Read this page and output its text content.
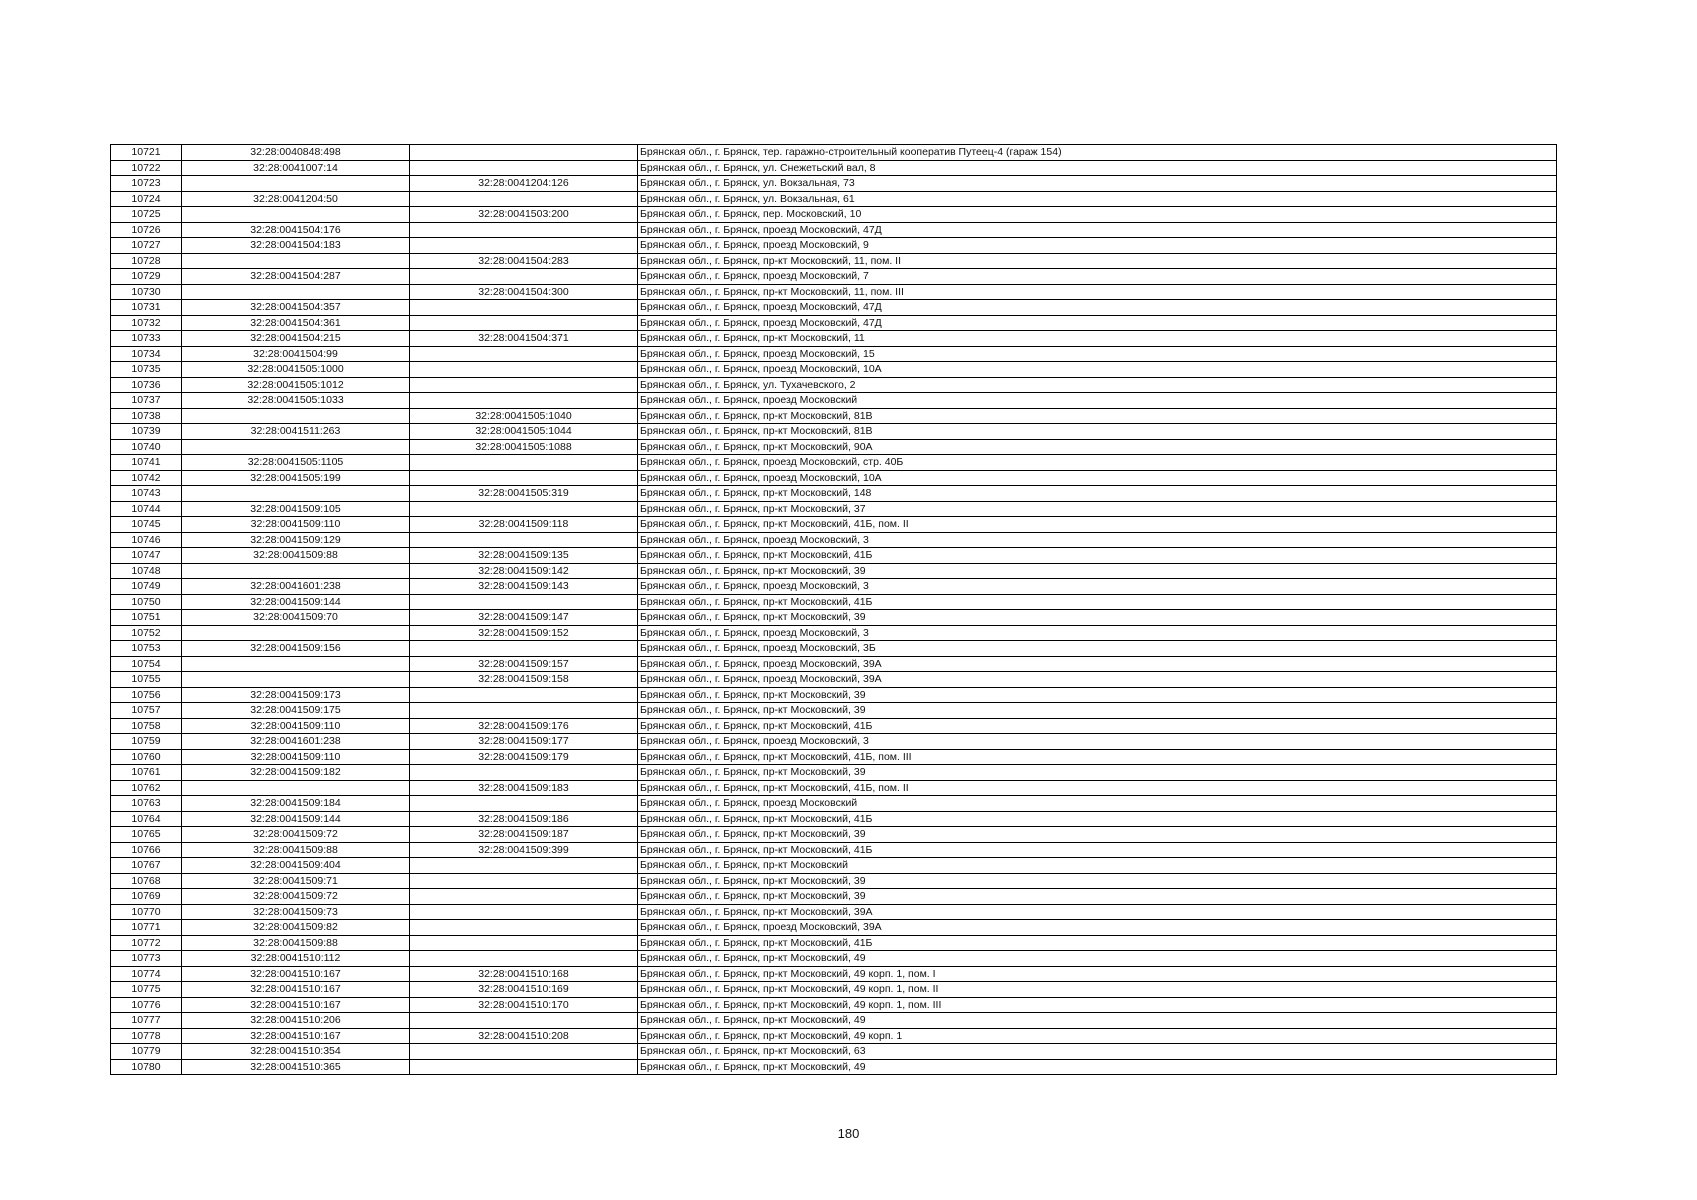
10721	32:28:0040848:498		Брянская обл., г. Брянск, тер. гаражно-строительный кооператив Путеец-4 (гараж 154)
10722	32:28:0041007:14		Брянская обл., г. Брянск, ул. Снежетьский вал, 8
10723		32:28:0041204:126	Брянская обл., г. Брянск, ул. Вокзальная, 73
10724	32:28:0041204:50		Брянская обл., г. Брянск, ул. Вокзальная, 61
10725		32:28:0041503:200	Брянская обл., г. Брянск, пер. Московский, 10
10726	32:28:0041504:176		Брянская обл., г. Брянск, проезд Московский, 47Д
10727	32:28:0041504:183		Брянская обл., г. Брянск, проезд Московский, 9
10728		32:28:0041504:283	Брянская обл., г. Брянск, пр-кт Московский, 11, пом. II
10729	32:28:0041504:287		Брянская обл., г. Брянск, проезд Московский, 7
10730		32:28:0041504:300	Брянская обл., г. Брянск, пр-кт Московский, 11, пом. III
10731	32:28:0041504:357		Брянская обл., г. Брянск, проезд Московский, 47Д
10732	32:28:0041504:361		Брянская обл., г. Брянск, проезд Московский, 47Д
10733	32:28:0041504:215	32:28:0041504:371	Брянская обл., г. Брянск, пр-кт Московский, 11
10734	32:28:0041504:99		Брянская обл., г. Брянск, проезд Московский, 15
10735	32:28:0041505:1000		Брянская обл., г. Брянск, проезд Московский, 10А
10736	32:28:0041505:1012		Брянская обл., г. Брянск, ул. Тухачевского, 2
10737	32:28:0041505:1033		Брянская обл., г. Брянск, проезд Московский
10738		32:28:0041505:1040	Брянская обл., г. Брянск, пр-кт Московский, 81В
10739	32:28:0041511:263	32:28:0041505:1044	Брянская обл., г. Брянск, пр-кт Московский, 81В
10740		32:28:0041505:1088	Брянская обл., г. Брянск, пр-кт Московский, 90А
10741	32:28:0041505:1105		Брянская обл., г. Брянск, проезд Московский, стр. 40Б
10742	32:28:0041505:199		Брянская обл., г. Брянск, проезд Московский, 10А
10743		32:28:0041505:319	Брянская обл., г. Брянск, пр-кт Московский, 148
10744	32:28:0041509:105		Брянская обл., г. Брянск, пр-кт Московский, 37
10745	32:28:0041509:110	32:28:0041509:118	Брянская обл., г. Брянск, пр-кт Московский, 41Б, пом. II
10746	32:28:0041509:129		Брянская обл., г. Брянск, проезд Московский, 3
10747	32:28:0041509:88	32:28:0041509:135	Брянская обл., г. Брянск, пр-кт Московский, 41Б
10748		32:28:0041509:142	Брянская обл., г. Брянск, пр-кт Московский, 39
10749	32:28:0041601:238	32:28:0041509:143	Брянская обл., г. Брянск, проезд Московский, 3
10750	32:28:0041509:144		Брянская обл., г. Брянск, пр-кт Московский, 41Б
10751	32:28:0041509:70	32:28:0041509:147	Брянская обл., г. Брянск, пр-кт Московский, 39
10752		32:28:0041509:152	Брянская обл., г. Брянск, проезд Московский, 3
10753	32:28:0041509:156		Брянская обл., г. Брянск, проезд Московский, 3Б
10754		32:28:0041509:157	Брянская обл., г. Брянск, проезд Московский, 39А
10755		32:28:0041509:158	Брянская обл., г. Брянск, проезд Московский, 39А
10756	32:28:0041509:173		Брянская обл., г. Брянск, пр-кт Московский, 39
10757	32:28:0041509:175		Брянская обл., г. Брянск, пр-кт Московский, 39
10758	32:28:0041509:110	32:28:0041509:176	Брянская обл., г. Брянск, пр-кт Московский, 41Б
10759	32:28:0041601:238	32:28:0041509:177	Брянская обл., г. Брянск, проезд Московский, 3
10760	32:28:0041509:110	32:28:0041509:179	Брянская обл., г. Брянск, пр-кт Московский, 41Б, пом. III
10761	32:28:0041509:182		Брянская обл., г. Брянск, пр-кт Московский, 39
10762		32:28:0041509:183	Брянская обл., г. Брянск, пр-кт Московский, 41Б, пом. II
10763	32:28:0041509:184		Брянская обл., г. Брянск, проезд Московский
10764	32:28:0041509:144	32:28:0041509:186	Брянская обл., г. Брянск, пр-кт Московский, 41Б
10765	32:28:0041509:72	32:28:0041509:187	Брянская обл., г. Брянск, пр-кт Московский, 39
10766	32:28:0041509:88	32:28:0041509:399	Брянская обл., г. Брянск, пр-кт Московский, 41Б
10767	32:28:0041509:404		Брянская обл., г. Брянск, пр-кт Московский
10768	32:28:0041509:71		Брянская обл., г. Брянск, пр-кт Московский, 39
10769	32:28:0041509:72		Брянская обл., г. Брянск, пр-кт Московский, 39
10770	32:28:0041509:73		Брянская обл., г. Брянск, пр-кт Московский, 39А
10771	32:28:0041509:82		Брянская обл., г. Брянск, проезд Московский, 39А
10772	32:28:0041509:88		Брянская обл., г. Брянск, пр-кт Московский, 41Б
10773	32:28:0041510:112		Брянская обл., г. Брянск, пр-кт Московский, 49
10774	32:28:0041510:167	32:28:0041510:168	Брянская обл., г. Брянск, пр-кт Московский, 49 корп. 1, пом. I
10775	32:28:0041510:167	32:28:0041510:169	Брянская обл., г. Брянск, пр-кт Московский, 49 корп. 1, пом. II
10776	32:28:0041510:167	32:28:0041510:170	Брянская обл., г. Брянск, пр-кт Московский, 49 корп. 1, пом. III
10777	32:28:0041510:206		Брянская обл., г. Брянск, пр-кт Московский, 49
10778	32:28:0041510:167	32:28:0041510:208	Брянская обл., г. Брянск, пр-кт Московский, 49 корп. 1
10779	32:28:0041510:354		Брянская обл., г. Брянск, пр-кт Московский, 63
10780	32:28:0041510:365		Брянская обл., г. Брянск, пр-кт Московский, 49
180
